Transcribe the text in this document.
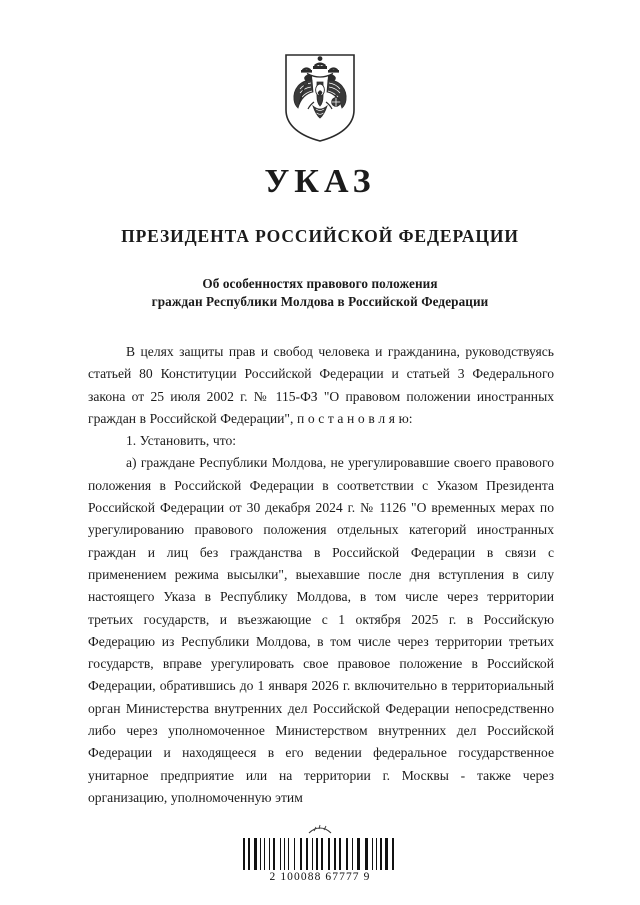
УКАЗ
ПРЕЗИДЕНТА РОССИЙСКОЙ ФЕДЕРАЦИИ
Об особенностях правового положения
граждан Республики Молдова в Российской Федерации

В целях защиты прав и свобод человека и гражданина, руководствуясь статьей 80 Конституции Российской Федерации и статьей 3 Федерального закона от 25 июля 2002 г. № 115-ФЗ "О правовом положении иностранных граждан в Российской Федерации", п о с т а н о в л я ю:

1. Установить, что:

а) граждане Республики Молдова, не урегулировавшие своего правового положения в Российской Федерации в соответствии с Указом Президента Российской Федерации от 30 декабря 2024 г. № 1126 "О временных мерах по урегулированию правового положения отдельных категорий иностранных граждан и лиц без гражданства в Российской Федерации в связи с применением режима высылки", выехавшие после дня вступления в силу настоящего Указа в Республику Молдова, в том числе через территории третьих государств, и въезжающие с 1 октября 2025 г. в Российскую Федерацию из Республики Молдова, в том числе через территории третьих государств, вправе урегулировать свое правовое положение в Российской Федерации, обратившись до 1 января 2026 г. включительно в территориальный орган Министерства внутренних дел Российской Федерации непосредственно либо через уполномоченное Министерством внутренних дел Российской Федерации и находящееся в его ведении федеральное государственное унитарное предприятие или на территории г. Москвы - также через организацию, уполномоченную этим

2 100088 67777 9
